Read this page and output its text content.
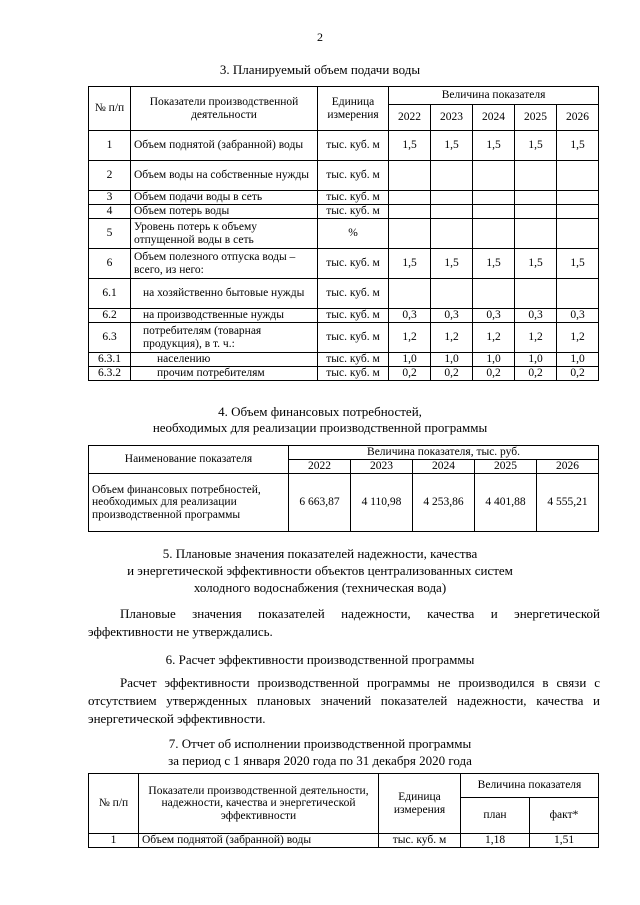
2
3. Планируемый объем подачи воды
№ п/п	Показатели производственной деятельности	Единица измерения	Величина показателя				
			2022	2023	2024	2025	2026
1	Объем поднятой (забранной) воды	тыс. куб. м	1,5	1,5	1,5	1,5	1,5
2	Объем воды на собственные нужды	тыс. куб. м					
3	Объем подачи воды в сеть	тыс. куб. м					
4	Объем потерь воды	тыс. куб. м					
5	Уровень потерь к объему отпущенной воды в сеть	%					
6	Объем полезного отпуска воды – всего, из него:	тыс. куб. м	1,5	1,5	1,5	1,5	1,5
6.1	на хозяйственно бытовые нужды	тыс. куб. м					
6.2	на производственные нужды	тыс. куб. м	0,3	0,3	0,3	0,3	0,3
6.3	потребителям (товарная продукция), в т. ч.:	тыс. куб. м	1,2	1,2	1,2	1,2	1,2
6.3.1	населению	тыс. куб. м	1,0	1,0	1,0	1,0	1,0
6.3.2	прочим потребителям	тыс. куб. м	0,2	0,2	0,2	0,2	0,2
4. Объем финансовых потребностей,
необходимых для реализации производственной программы
Наименование показателя	Величина показателя, тыс. руб.				
	2022	2023	2024	2025	2026
Объем финансовых потребностей, необходимых для реализации производственной программы	6 663,87	4 110,98	4 253,86	4 401,88	4 555,21
5. Плановые значения показателей надежности, качества
и энергетической эффективности объектов централизованных систем
холодного водоснабжения (техническая вода)
Плановые значения показателей надежности, качества и энергетической эффективности не утверждались.
6. Расчет эффективности производственной программы
Расчет эффективности производственной программы не производился в связи с отсутствием утвержденных плановых значений показателей надежности, качества и энергетической эффективности.
7. Отчет об исполнении производственной программы
за период с 1 января 2020 года по 31 декабря 2020 года
№ п/п	Показатели производственной деятельности, надежности, качества и энергетической эффективности	Единица измерения	Величина показателя	
			план	факт*
1	Объем поднятой (забранной) воды	тыс. куб. м	1,18	1,51
